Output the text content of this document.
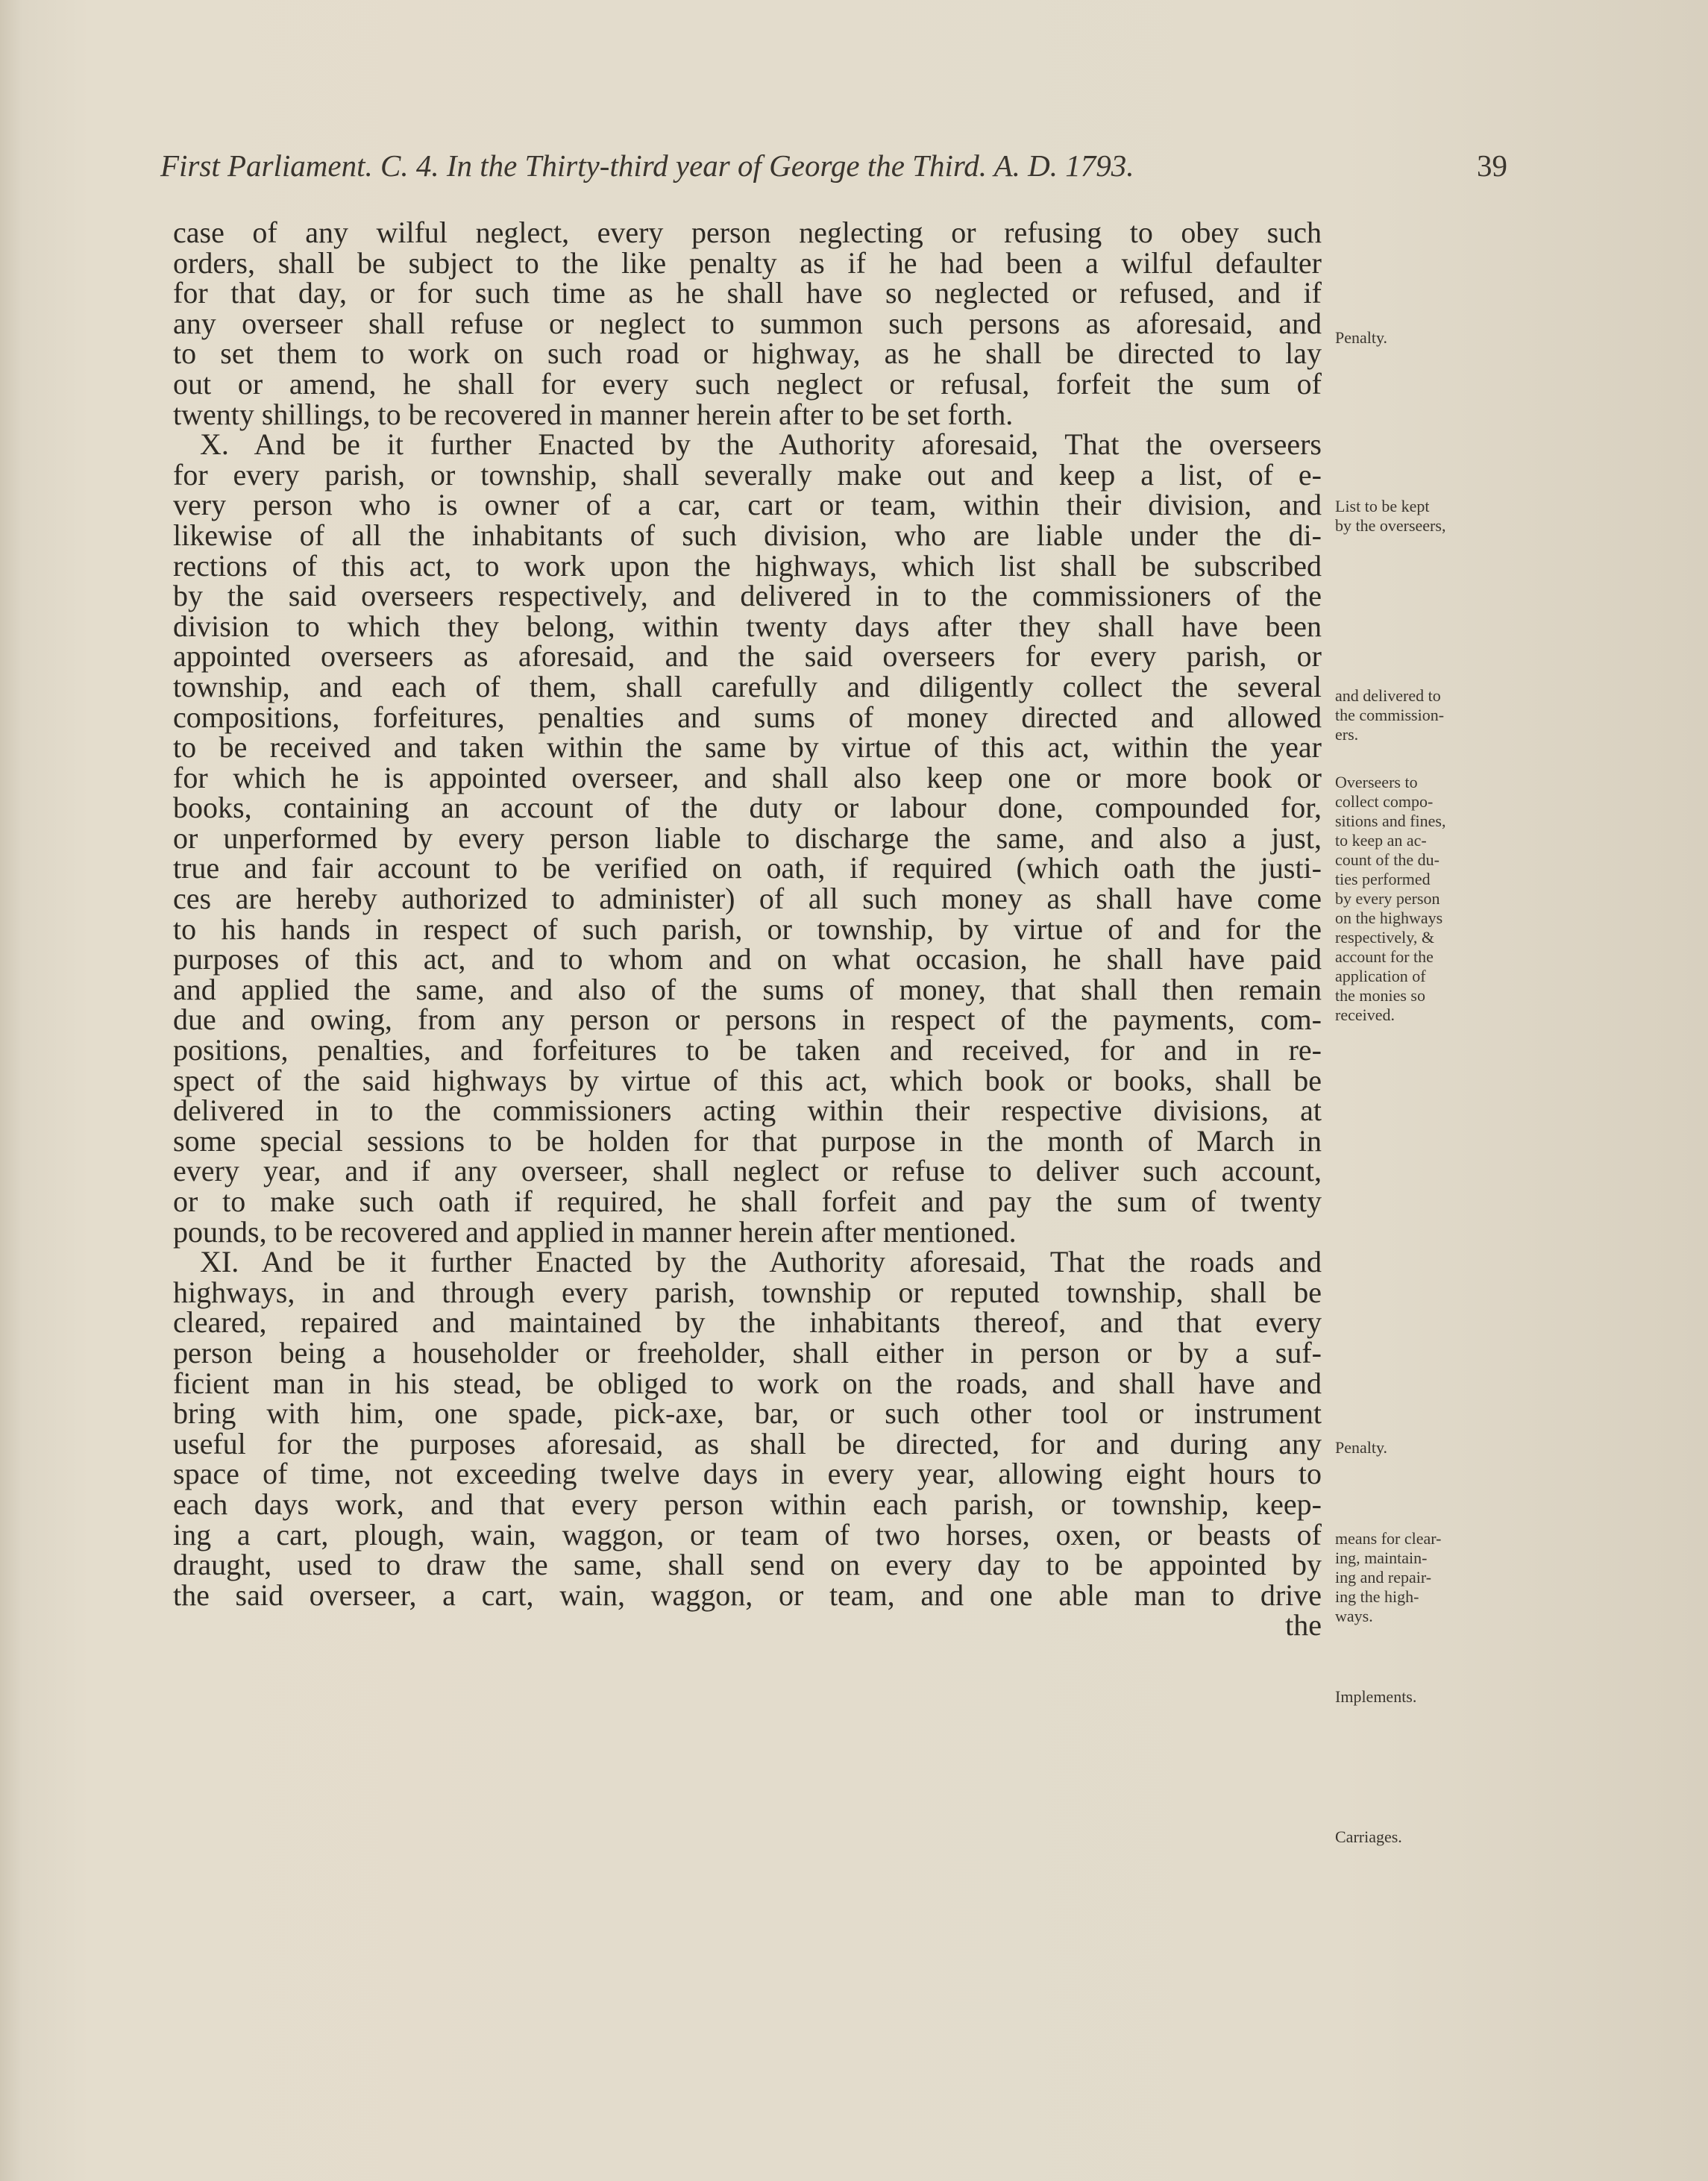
First Parliament. C. 4. In the Thirty-third year of George the Third. A. D. 1793.	39
case of any wilful neglect, every person neglecting or refusing to obey such
orders, shall be subject to the like penalty as if he had been a wilful defaulter
for that day, or for such time as he shall have so neglected or refused, and if
any overseer shall refuse or neglect to summon such persons as aforesaid, and
to set them to work on such road or highway, as he shall be directed to lay
out or amend, he shall for every such neglect or refusal, forfeit the sum of
twenty shillings, to be recovered in manner herein after to be set forth.
X. And be it further Enacted by the Authority aforesaid, That the overseers
for every parish, or township, shall severally make out and keep a list, of e-
very person who is owner of a car, cart or team, within their division, and
likewise of all the inhabitants of such division, who are liable under the di-
rections of this act, to work upon the highways, which list shall be subscribed
by the said overseers respectively, and delivered in to the commissioners of the
division to which they belong, within twenty days after they shall have been
appointed overseers as aforesaid, and the said overseers for every parish, or
township, and each of them, shall carefully and diligently collect the several
compositions, forfeitures, penalties and sums of money directed and allowed
to be received and taken within the same by virtue of this act, within the year
for which he is appointed overseer, and shall also keep one or more book or
books, containing an account of the duty or labour done, compounded for,
or unperformed by every person liable to discharge the same, and also a just,
true and fair account to be verified on oath, if required (which oath the justi-
ces are hereby authorized to administer) of all such money as shall have come
to his hands in respect of such parish, or township, by virtue of and for the
purposes of this act, and to whom and on what occasion, he shall have paid
and applied the same, and also of the sums of money, that shall then remain
due and owing, from any person or persons in respect of the payments, com-
positions, penalties, and forfeitures to be taken and received, for and in re-
spect of the said highways by virtue of this act, which book or books, shall be
delivered in to the commissioners acting within their respective divisions, at
some special sessions to be holden for that purpose in the month of March in
every year, and if any overseer, shall neglect or refuse to deliver such account,
or to make such oath if required, he shall forfeit and pay the sum of twenty
pounds, to be recovered and applied in manner herein after mentioned.
XI. And be it further Enacted by the Authority aforesaid, That the roads and
highways, in and through every parish, township or reputed township, shall be
cleared, repaired and maintained by the inhabitants thereof, and that every
person being a householder or freeholder, shall either in person or by a suf-
ficient man in his stead, be obliged to work on the roads, and shall have and
bring with him, one spade, pick-axe, bar, or such other tool or instrument
useful for the purposes aforesaid, as shall be directed, for and during any
space of time, not exceeding twelve days in every year, allowing eight hours to
each days work, and that every person within each parish, or township, keep-
ing a cart, plough, wain, waggon, or team of two horses, oxen, or beasts of
draught, used to draw the same, shall send on every day to be appointed by
the said overseer, a cart, wain, waggon, or team, and one able man to drive
the
Penalty.
List to be kept
by the overseers,
and delivered to
the commission-
ers.
Overseers to
collect compo-
sitions and fines,
to keep an ac-
count of the du-
ties performed
by every person
on the highways
respectively, &
account for the
application of
the monies so
received.
Penalty.
means for clear-
ing, maintain-
ing and repair-
ing the high-
ways.
Implements.
Carriages.
